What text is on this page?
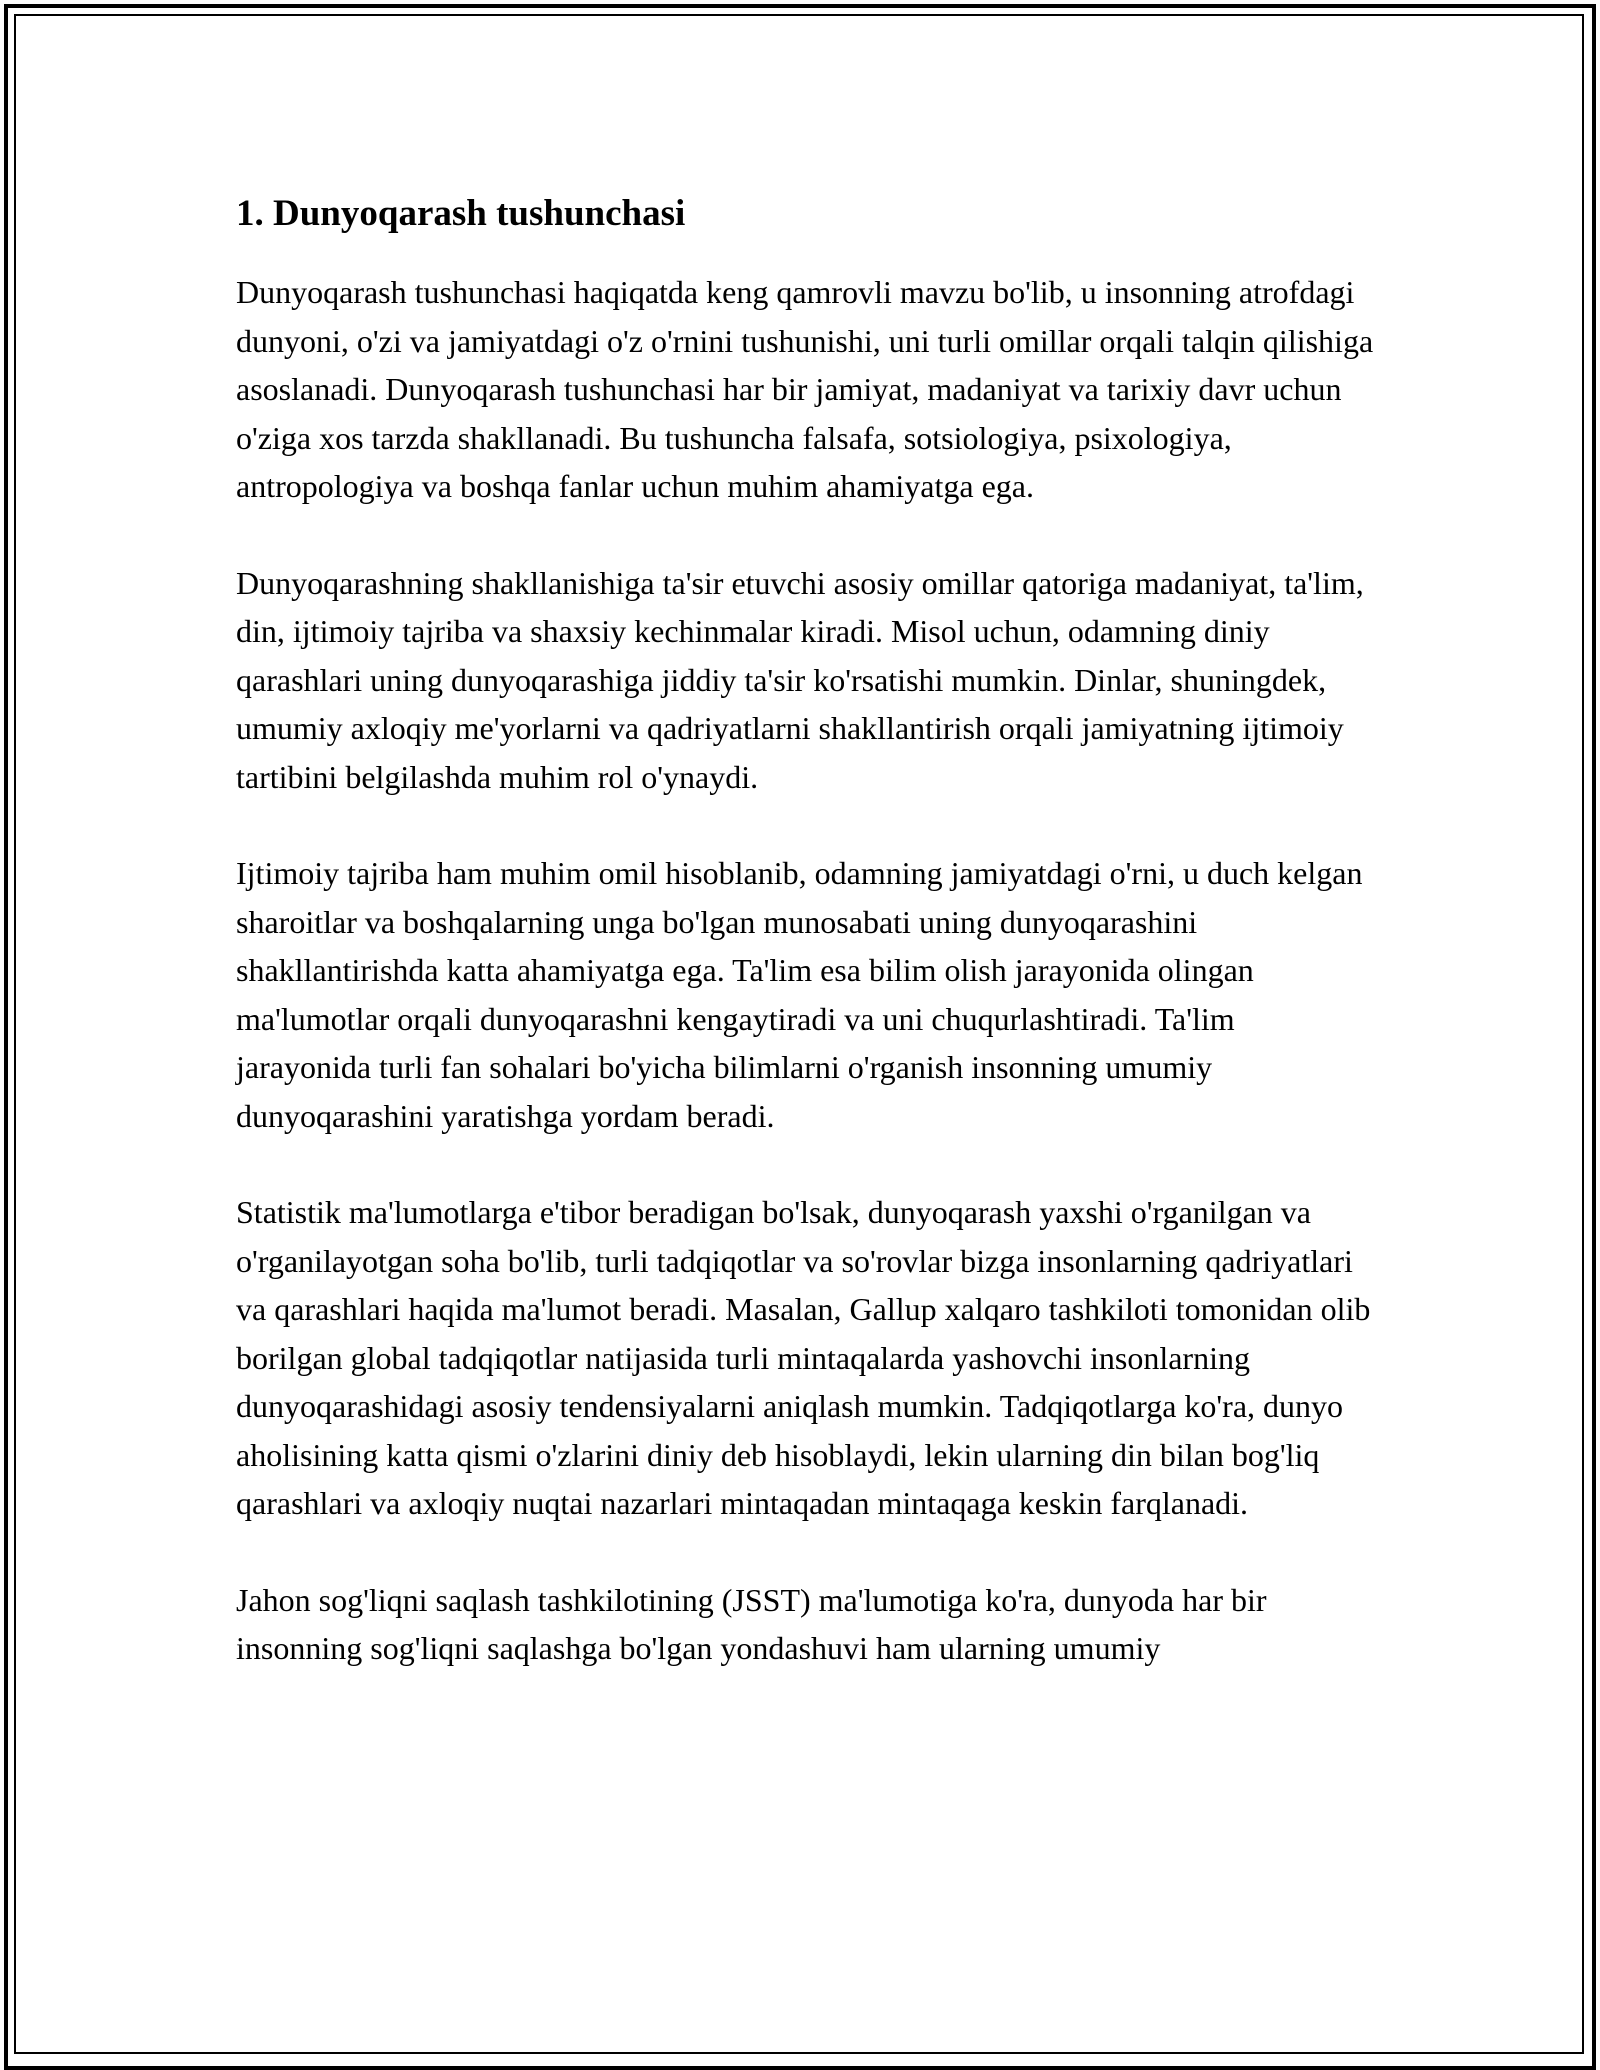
1. Dunyoqarash tushunchasi

Dunyoqarash tushunchasi haqiqatda keng qamrovli mavzu bo'lib, u insonning atrofdagi dunyoni, o'zi va jamiyatdagi o'z o'rnini tushunishi, uni turli omillar orqali talqin qilishiga asoslanadi. Dunyoqarash tushunchasi har bir jamiyat, madaniyat va tarixiy davr uchun o'ziga xos tarzda shakllanadi. Bu tushuncha falsafa, sotsiologiya, psixologiya, antropologiya va boshqa fanlar uchun muhim ahamiyatga ega.

Dunyoqarashning shakllanishiga ta'sir etuvchi asosiy omillar qatoriga madaniyat, ta'lim, din, ijtimoiy tajriba va shaxsiy kechinmalar kiradi. Misol uchun, odamning diniy qarashlari uning dunyoqarashiga jiddiy ta'sir ko'rsatishi mumkin. Dinlar, shuningdek, umumiy axloqiy me'yorlarni va qadriyatlarni shakllantirish orqali jamiyatning ijtimoiy tartibini belgilashda muhim rol o'ynaydi.

Ijtimoiy tajriba ham muhim omil hisoblanib, odamning jamiyatdagi o'rni, u duch kelgan sharoitlar va boshqalarning unga bo'lgan munosabati uning dunyoqarashini shakllantirishda katta ahamiyatga ega. Ta'lim esa bilim olish jarayonida olingan ma'lumotlar orqali dunyoqarashni kengaytiradi va uni chuqurlashtiradi. Ta'lim jarayonida turli fan sohalari bo'yicha bilimlarni o'rganish insonning umumiy dunyoqarashini yaratishga yordam beradi.

Statistik ma'lumotlarga e'tibor beradigan bo'lsak, dunyoqarash yaxshi o'rganilgan va o'rganilayotgan soha bo'lib, turli tadqiqotlar va so'rovlar bizga insonlarning qadriyatlari va qarashlari haqida ma'lumot beradi. Masalan, Gallup xalqaro tashkiloti tomonidan olib borilgan global tadqiqotlar natijasida turli mintaqalarda yashovchi insonlarning dunyoqarashidagi asosiy tendensiyalarni aniqlash mumkin. Tadqiqotlarga ko'ra, dunyo aholisining katta qismi o'zlarini diniy deb hisoblaydi, lekin ularning din bilan bog'liq qarashlari va axloqiy nuqtai nazarlari mintaqadan mintaqaga keskin farqlanadi.

Jahon sog'liqni saqlash tashkilotining (JSST) ma'lumotiga ko'ra, dunyoda har bir insonning sog'liqni saqlashga bo'lgan yondashuvi ham ularning umumiy
